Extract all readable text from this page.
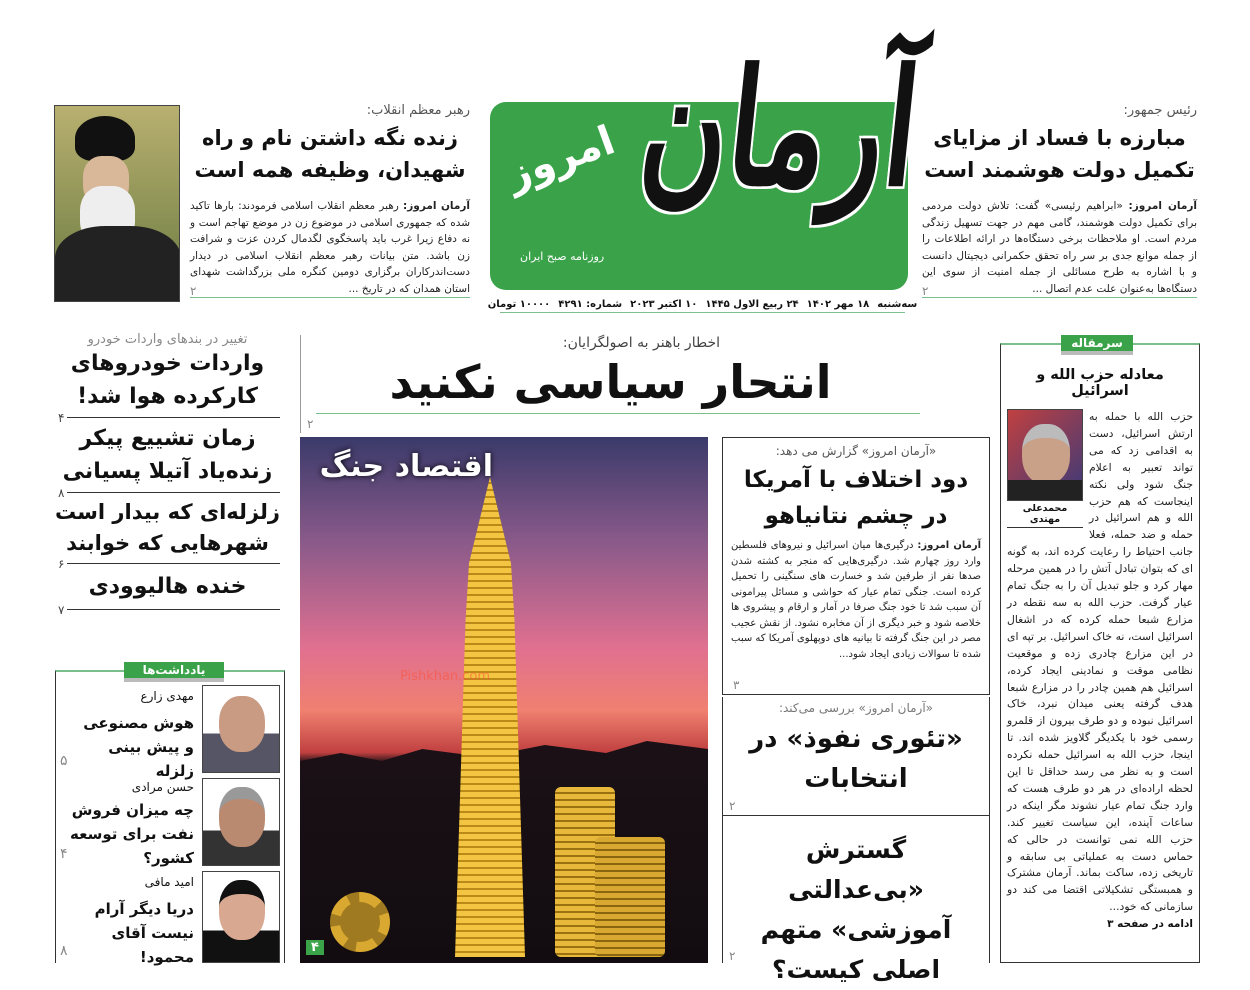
آرمان
امروز
روزنامه صبح ایران
سه‌شنبه
۱۸ مهر ۱۴۰۲
۲۴ ربیع الاول ۱۴۴۵
۱۰ اکتبر ۲۰۲۳
شماره: ۴۲۹۱
۱۰۰۰۰ تومان
رئیس جمهور:
مبارزه با فساد از مزایای تکمیل دولت هوشمند است
آرمان امروز: «ابراهیم رئیسی» گفت: تلاش دولت مردمی برای تکمیل دولت هوشمند، گامی مهم در جهت تسهیل زندگی مردم است. او ملاحظات برخی دستگاه‌ها در ارائه اطلاعات را از جمله موانع جدی بر سر راه تحقق حکمرانی دیجیتال دانست و با اشاره به طرح مسائلی از جمله امنیت از سوی این دستگاه‌ها به‌عنوان علت عدم اتصال ...
۲
رهبر معظم انقلاب:
زنده نگه داشتن نام و راه شهیدان، وظیفه همه است
آرمان امروز: رهبر معظم انقلاب اسلامی فرمودند: بارها تاکید شده که جمهوری اسلامی در موضوع زن در موضع تهاجم است و نه دفاع زیرا غرب باید پاسخگوی لگدمال کردن عزت و شرافت زن باشد. متن بیانات رهبر معظم انقلاب اسلامی در دیدار دست‌اندرکاران برگزاری دومین کنگره ملی بزرگداشت شهدای استان همدان که در تاریخ ...
۲
تغییر در بندهای واردات خودرو
واردات خودروهای کارکرده هوا شد!
۴
زمان تشییع پیکر زنده‌یاد آتیلا پسیانی
۸
زلزله‌ای که بیدار است شهرهایی که خوابند
۶
خنده هالیوودی
۷
یادداشت‌ها
مهدی زارع
هوش مصنوعی و پیش بینی زلزله
۵
حسن مرادی
چه میزان فروش نفت برای توسعه کشور؟
۴
امید مافی
دریا دیگر آرام نیست آقای محمود!
۸
اخطار باهنر به اصولگرایان:
انتحار سیاسی نکنید
۲
اقتصاد جنگ
Pishkhan.com
۴
«آرمان امروز» گزارش می دهد:
دود اختلاف با آمریکا در چشم نتانیاهو
آرمان امروز: درگیری‌ها میان اسرائیل و نیروهای فلسطین وارد روز چهارم شد. درگیری‌هایی که منجر به کشته شدن صدها نفر از طرفین شد و خسارت های سنگینی را تحمیل کرده است. جنگی تمام عیار که حواشی و مسائل پیرامونی آن سبب شد تا خود جنگ صرفا در آمار و ارقام و پیشروی ها خلاصه شود و خبر دیگری از آن مخابره نشود. از نقش عجیب مصر در این جنگ گرفته تا بیانیه های دوپهلوی آمریکا که سبب شده تا سوالات زیادی ایجاد شود...
۳
«آرمان امروز» بررسی می‌کند:
«تئوری نفوذ» در انتخابات
۲
گسترش «بی‌عدالتی آموزشی» متهم اصلی کیست؟
۲
سرمقاله
معادله حزب الله و اسرائیل
محمدعلی مهتدی
حزب الله با حمله به ارتش اسرائیل، دست به اقدامی زد که می تواند تعبیر به اعلام جنگ شود ولی نکته اینجاست که هم حزب الله و هم اسرائیل در حمله و ضد حمله، فعلا جانب احتیاط را رعایت کرده اند، به گونه ای که بتوان تبادل آتش را در همین مرحله مهار کرد و جلو تبدیل آن را به جنگ تمام عیار گرفت. حزب الله به سه نقطه در مزارع شبعا حمله کرده که در اشغال اسرائیل است، نه خاک اسرائیل. بر تپه ای در این مزارع چادری زده و موقعیت نظامی موقت و نمادینی ایجاد کرده، اسرائیل هم همین چادر را در مزارع شبعا هدف گرفته یعنی میدان نبرد، خاک اسرائیل نبوده و دو طرف بیرون از قلمرو رسمی خود با یکدیگر گلاویز شده اند. تا اینجا، حزب الله به اسرائیل حمله نکرده است و به نظر می رسد حداقل تا این لحظه اراده‌ای در هر دو طرف هست که وارد جنگ تمام عیار نشوند مگر اینکه در ساعات آینده، این سیاست تغییر کند. حزب الله نمی توانست در حالی که حماس دست به عملیاتی بی سابقه و تاریخی زده، ساکت بماند. آرمان مشترک و همبستگی تشکیلاتی اقتضا می کند دو سازمانی که خود...
ادامه در صفحه ۳
